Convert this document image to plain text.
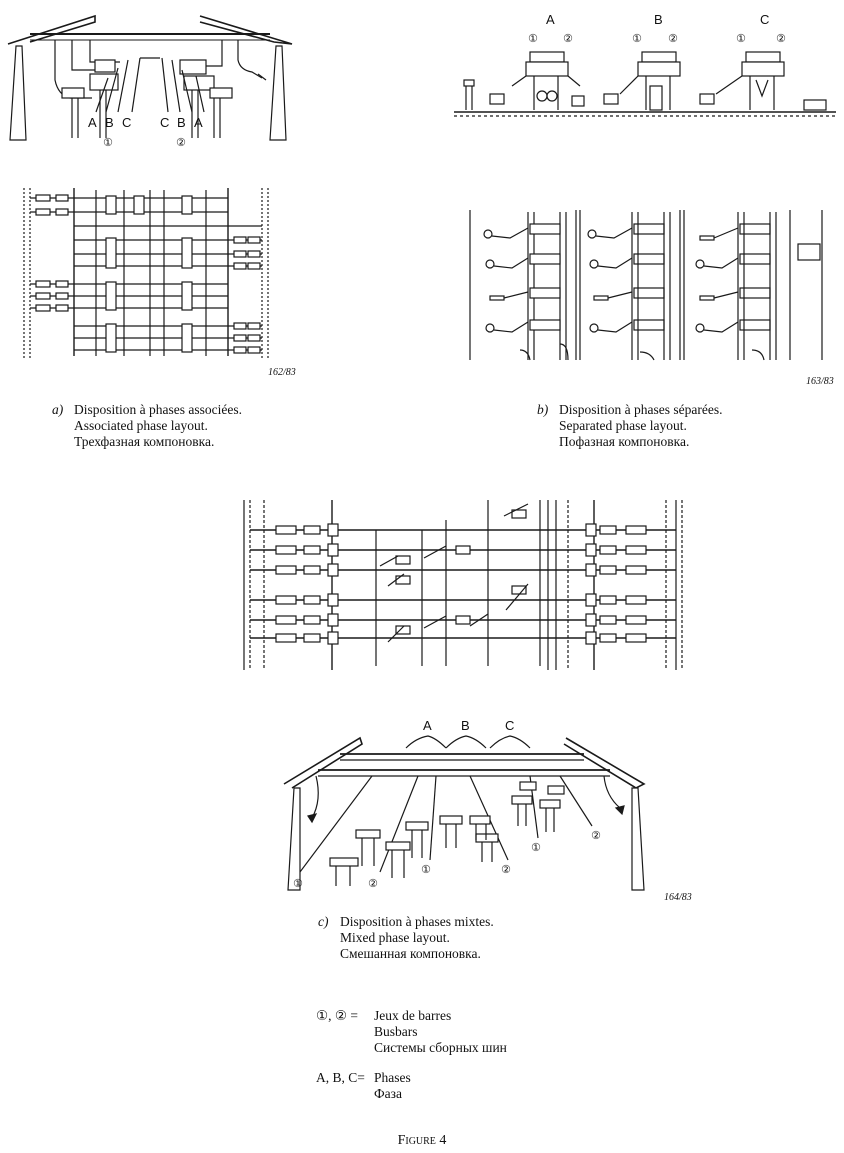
A B C C B A
①	②
162/83
A	B	C
① ②	① ②	①	②
163/83
A B	C
①	②
①	②
①
②
164/83
a) Disposition à phases associées.
Associated phase layout.
Трехфазная компоновка.
b) Disposition à phases séparées.
Separated phase layout.
Пофазная компоновка.
c) Disposition à phases mixtes.
Mixed phase layout.
Смешанная компоновка.
①, ② =	Jeux de barres
Busbars
Системы сборных шин
A, B, C= Phases
Фаза
Figure 4
